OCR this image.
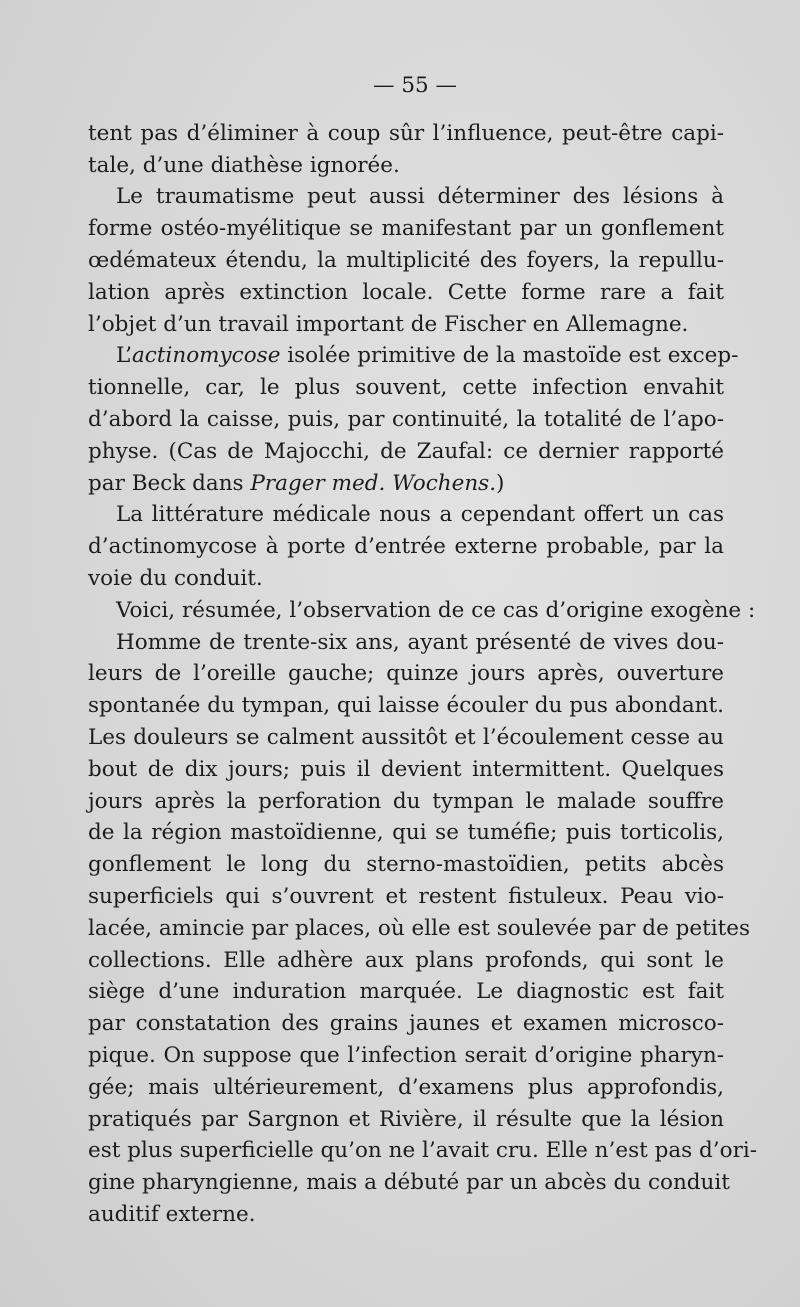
— 55 —
tent pas d’éliminer à coup sûr l’influence, peut-être capi-
tale, d’une diathèse ignorée.
Le traumatisme peut aussi déterminer des lésions à
forme ostéo-myélitique se manifestant par un gonflement
œdémateux étendu, la multiplicité des foyers, la repullu-
lation après extinction locale. Cette forme rare a fait
l’objet d’un travail important de Fischer en Allemagne.
L’actinomycose isolée primitive de la mastoïde est excep-
tionnelle, car, le plus souvent, cette infection envahit
d’abord la caisse, puis, par continuité, la totalité de l’apo-
physe. (Cas de Majocchi, de Zaufal: ce dernier rapporté
par Beck dans Prager med. Wochens.)
La littérature médicale nous a cependant offert un cas
d’actinomycose à porte d’entrée externe probable, par la
voie du conduit.
Voici, résumée, l’observation de ce cas d’origine exogène :
Homme de trente-six ans, ayant présenté de vives dou-
leurs de l’oreille gauche; quinze jours après, ouverture
spontanée du tympan, qui laisse écouler du pus abondant.
Les douleurs se calment aussitôt et l’écoulement cesse au
bout de dix jours; puis il devient intermittent. Quelques
jours après la perforation du tympan le malade souffre
de la région mastoïdienne, qui se tuméfie; puis torticolis,
gonflement le long du sterno-mastoïdien, petits abcès
superficiels qui s’ouvrent et restent fistuleux. Peau vio-
lacée, amincie par places, où elle est soulevée par de petites
collections. Elle adhère aux plans profonds, qui sont le
siège d’une induration marquée. Le diagnostic est fait
par constatation des grains jaunes et examen microsco-
pique. On suppose que l’infection serait d’origine pharyn-
gée; mais ultérieurement, d’examens plus approfondis,
pratiqués par Sargnon et Rivière, il résulte que la lésion
est plus superficielle qu’on ne l’avait cru. Elle n’est pas d’ori-
gine pharyngienne, mais a débuté par un abcès du conduit
auditif externe.
